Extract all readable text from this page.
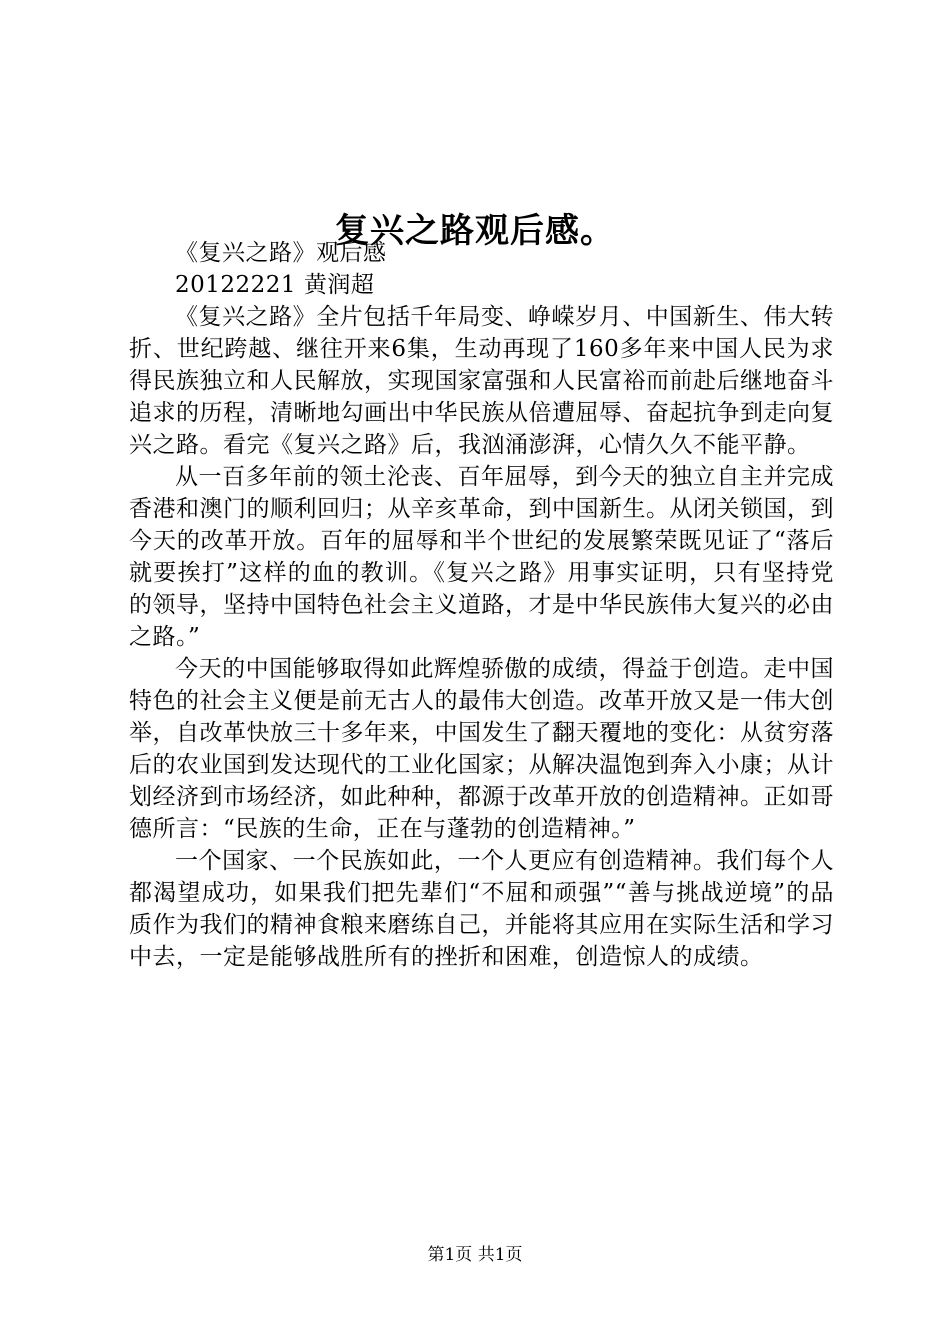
复兴之路观后感。

《复兴之路》观后感

20122221 黄润超

《复兴之路》全片包括千年局变、峥嵘岁月、中国新生、伟大转折、世纪跨越、继往开来6集，生动再现了160多年来中国人民为求得民族独立和人民解放，实现国家富强和人民富裕而前赴后继地奋斗追求的历程，清晰地勾画出中华民族从倍遭屈辱、奋起抗争到走向复兴之路。看完《复兴之路》后，我汹涌澎湃，心情久久不能平静。

从一百多年前的领土沦丧、百年屈辱，到今天的独立自主并完成香港和澳门的顺利回归；从辛亥革命，到中国新生。从闭关锁国，到今天的改革开放。百年的屈辱和半个世纪的发展繁荣既见证了“落后就要挨打”这样的血的教训。《复兴之路》用事实证明，只有坚持党的领导，坚持中国特色社会主义道路，才是中华民族伟大复兴的必由之路。”

今天的中国能够取得如此辉煌骄傲的成绩，得益于创造。走中国特色的社会主义便是前无古人的最伟大创造。改革开放又是一伟大创举，自改革快放三十多年来，中国发生了翻天覆地的变化：从贫穷落后的农业国到发达现代的工业化国家；从解决温饱到奔入小康；从计划经济到市场经济，如此种种，都源于改革开放的创造精神。正如哥德所言：“民族的生命，正在与蓬勃的创造精神。”

一个国家、一个民族如此，一个人更应有创造精神。我们每个人都渴望成功，如果我们把先辈们“不屈和顽强”“善与挑战逆境”的品质作为我们的精神食粮来磨练自己，并能将其应用在实际生活和学习中去，一定是能够战胜所有的挫折和困难，创造惊人的成绩。

第1页 共1页
